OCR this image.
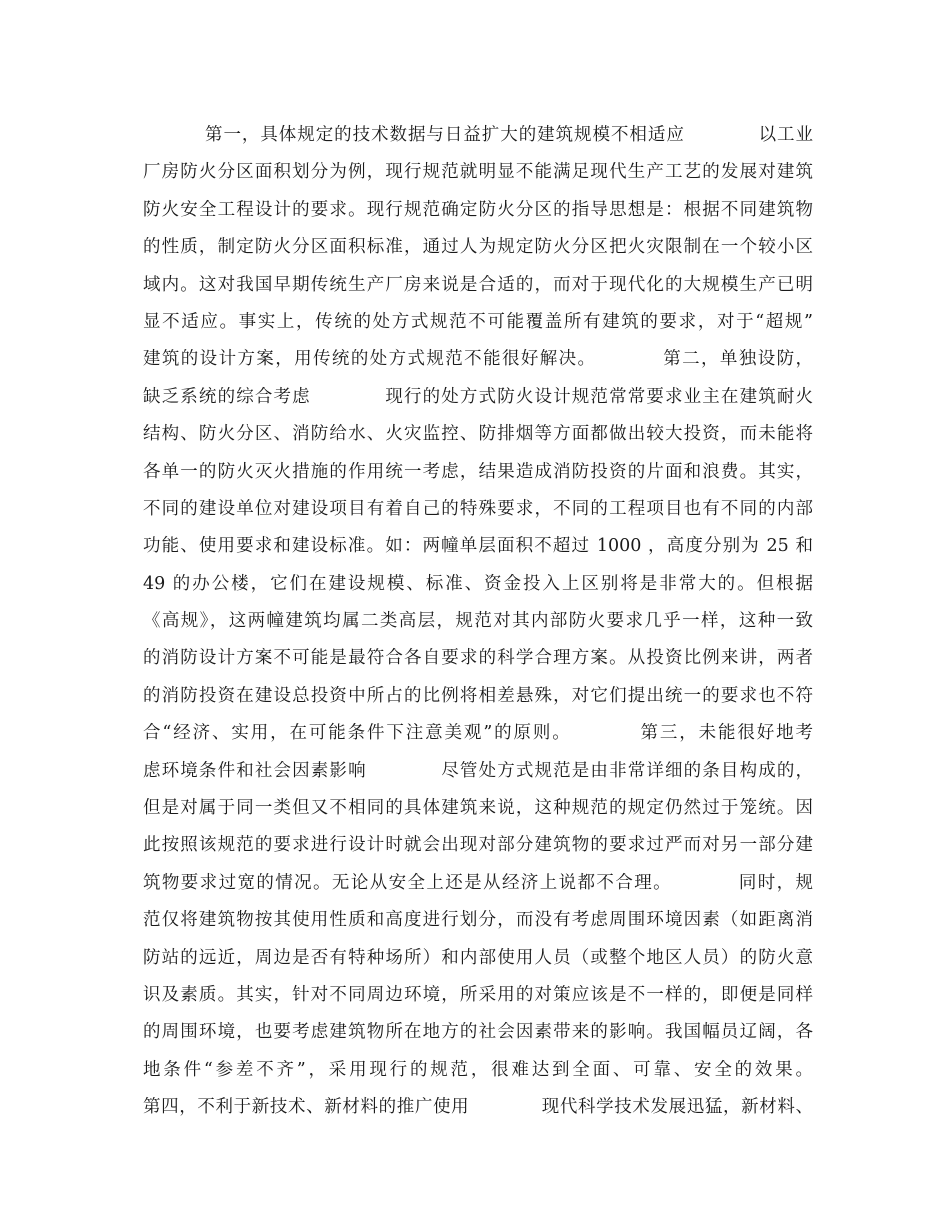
第一，具体规定的技术数据与日益扩大的建筑规模不相适应　　　　以工业
厂房防火分区面积划分为例，现行规范就明显不能满足现代生产工艺的发展对建筑
防火安全工程设计的要求。现行规范确定防火分区的指导思想是：根据不同建筑物
的性质，制定防火分区面积标准，通过人为规定防火分区把火灾限制在一个较小区
域内。这对我国早期传统生产厂房来说是合适的，而对于现代化的大规模生产已明
显不适应。事实上，传统的处方式规范不可能覆盖所有建筑的要求，对于“超规”
建筑的设计方案，用传统的处方式规范不能很好解决。　　　　第二，单独设防，
缺乏系统的综合考虑　　　　现行的处方式防火设计规范常常要求业主在建筑耐火
结构、防火分区、消防给水、火灾监控、防排烟等方面都做出较大投资，而未能将
各单一的防火灭火措施的作用统一考虑，结果造成消防投资的片面和浪费。其实，
不同的建设单位对建设项目有着自己的特殊要求，不同的工程项目也有不同的内部
功能、使用要求和建设标准。如：两幢单层面积不超过 1000 ，高度分别为 25 和
49 的办公楼，它们在建设规模、标准、资金投入上区别将是非常大的。但根据
《高规》，这两幢建筑均属二类高层，规范对其内部防火要求几乎一样，这种一致
的消防设计方案不可能是最符合各自要求的科学合理方案。从投资比例来讲，两者
的消防投资在建设总投资中所占的比例将相差悬殊，对它们提出统一的要求也不符
合“经济、实用，在可能条件下注意美观”的原则。　　　　第三，未能很好地考
虑环境条件和社会因素影响　　　　尽管处方式规范是由非常详细的条目构成的，
但是对属于同一类但又不相同的具体建筑来说，这种规范的规定仍然过于笼统。因
此按照该规范的要求进行设计时就会出现对部分建筑物的要求过严而对另一部分建
筑物要求过宽的情况。无论从安全上还是从经济上说都不合理。　　　　同时，规
范仅将建筑物按其使用性质和高度进行划分，而没有考虑周围环境因素（如距离消
防站的远近，周边是否有特种场所）和内部使用人员（或整个地区人员）的防火意
识及素质。其实，针对不同周边环境，所采用的对策应该是不一样的，即便是同样
的周围环境，也要考虑建筑物所在地方的社会因素带来的影响。我国幅员辽阔，各
地条件“参差不齐”，采用现行的规范，很难达到全面、可靠、安全的效果。
第四，不利于新技术、新材料的推广使用　　　　现代科学技术发展迅猛，新材料、
